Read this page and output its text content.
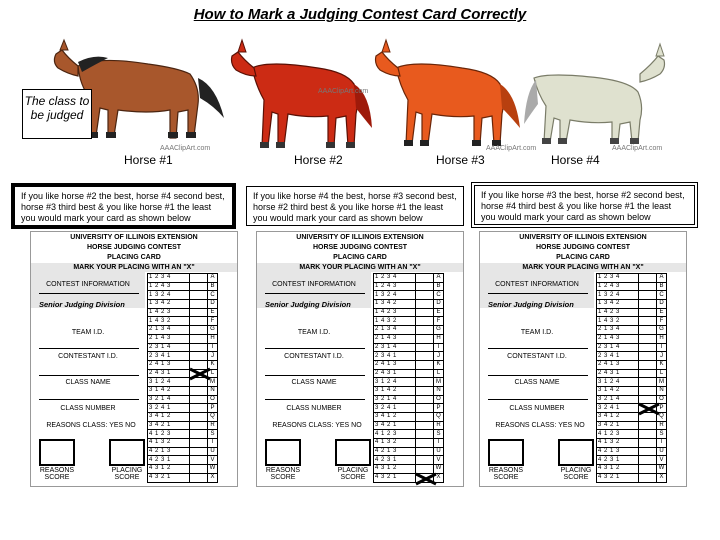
How to Mark a Judging Contest Card Correctly
AAAClipArt.com
Horse #1
AAAClipArt.com
Horse #2
AAAClipArt.com
Horse #3
AAAClipArt.com
Horse #4
The class to be judged
If you like horse #2 the best, horse #4 second best, horse #3 third best & you like horse #1 the least you would mark your card as shown below
If you like horse #4 the best, horse #3 second best, horse #2 third best & you like horse #1 the least you would mark your card as shown below
If you like horse #3 the best, horse #2 second best, horse #4 third best & you like horse #1 the least you would mark your card as shown below
UNIVERSITY OF ILLINOIS EXTENSION
HORSE JUDGING CONTEST
PLACING CARD
MARK YOUR PLACING WITH AN "X"
CONTEST INFORMATION
Senior Judging Division
TEAM I.D.
CONTESTANT I.D.
CLASS NAME
CLASS NUMBER
REASONS CLASS: YES NO
REASONS SCORE
PLACING SCORE
1 2 3 4		A
1 2 4 3		B
1 3 2 4		C
1 3 4 2		D
1 4 2 3		E
1 4 3 2		F
2 1 3 4		G
2 1 4 3		H
2 3 1 4		I
2 3 4 1		J
2 4 1 3		K
2 4 3 1		L
3 1 2 4		M
3 1 4 2		N
3 2 1 4		O
3 2 4 1		P
3 4 1 2		Q
3 4 2 1		R
4 1 2 3		S
4 1 3 2		T
4 2 1 3		U
4 2 3 1		V
4 3 1 2		W
4 3 2 1		X
UNIVERSITY OF ILLINOIS EXTENSION
HORSE JUDGING CONTEST
PLACING CARD
MARK YOUR PLACING WITH AN "X"
CONTEST INFORMATION
Senior Judging Division
TEAM I.D.
CONTESTANT I.D.
CLASS NAME
CLASS NUMBER
REASONS CLASS: YES NO
REASONS SCORE
PLACING SCORE
1 2 3 4		A
1 2 4 3		B
1 3 2 4		C
1 3 4 2		D
1 4 2 3		E
1 4 3 2		F
2 1 3 4		G
2 1 4 3		H
2 3 1 4		I
2 3 4 1		J
2 4 1 3		K
2 4 3 1		L
3 1 2 4		M
3 1 4 2		N
3 2 1 4		O
3 2 4 1		P
3 4 1 2		Q
3 4 2 1		R
4 1 2 3		S
4 1 3 2		T
4 2 1 3		U
4 2 3 1		V
4 3 1 2		W
4 3 2 1		X
UNIVERSITY OF ILLINOIS EXTENSION
HORSE JUDGING CONTEST
PLACING CARD
MARK YOUR PLACING WITH AN "X"
CONTEST INFORMATION
Senior Judging Division
TEAM I.D.
CONTESTANT I.D.
CLASS NAME
CLASS NUMBER
REASONS CLASS: YES NO
REASONS SCORE
PLACING SCORE
1 2 3 4		A
1 2 4 3		B
1 3 2 4		C
1 3 4 2		D
1 4 2 3		E
1 4 3 2		F
2 1 3 4		G
2 1 4 3		H
2 3 1 4		I
2 3 4 1		J
2 4 1 3		K
2 4 3 1		L
3 1 2 4		M
3 1 4 2		N
3 2 1 4		O
3 2 4 1		P
3 4 1 2		Q
3 4 2 1		R
4 1 2 3		S
4 1 3 2		T
4 2 1 3		U
4 2 3 1		V
4 3 1 2		W
4 3 2 1		X
